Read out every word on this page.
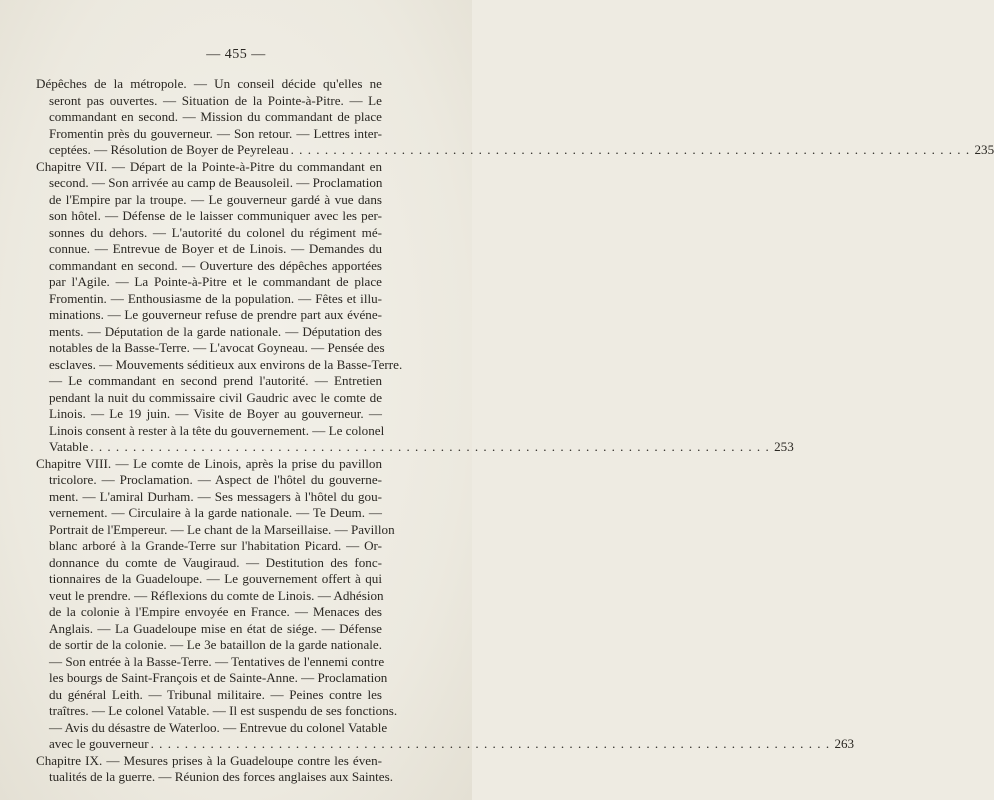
— 455 —
Dépêches de la métropole. — Un conseil décide qu'elles ne
seront pas ouvertes. — Situation de la Pointe-à-Pitre. — Le
commandant en second. — Mission du commandant de place
Fromentin près du gouverneur. — Son retour. — Lettres inter-
ceptées. — Résolution de Boyer de Peyreleau . . . . . . . . . . . . . . . . . . . . . . . . . . . . . . . . . . . . . . . . . . . . . . . . . . . . . . . . . . . . . . . . . . . . . . . . . . . . . . . . 235
Chapitre VII. — Départ de la Pointe-à-Pitre du commandant en
second. — Son arrivée au camp de Beausoleil. — Proclamation
de l'Empire par la troupe. — Le gouverneur gardé à vue dans
son hôtel. — Défense de le laisser communiquer avec les per-
sonnes du dehors. — L'autorité du colonel du régiment mé-
connue. — Entrevue de Boyer et de Linois. — Demandes du
commandant en second. — Ouverture des dépêches apportées
par l'Agile. — La Pointe-à-Pitre et le commandant de place
Fromentin. — Enthousiasme de la population. — Fêtes et illu-
minations. — Le gouverneur refuse de prendre part aux événe-
ments. — Députation de la garde nationale. — Députation des
notables de la Basse-Terre. — L'avocat Goyneau. — Pensée des
esclaves. — Mouvements séditieux aux environs de la Basse-Terre.
— Le commandant en second prend l'autorité. — Entretien
pendant la nuit du commissaire civil Gaudric avec le comte de
Linois. — Le 19 juin. — Visite de Boyer au gouverneur. —
Linois consent à rester à la tête du gouvernement. — Le colonel
Vatable . . . . . . . . . . . . . . . . . . . . . . . . . . . . . . . . . . . . . . . . . . . . . . . . . . . . . . . . . . . . . . . . . . . . . . . . . . . . . . . . 253
Chapitre VIII. — Le comte de Linois, après la prise du pavillon
tricolore. — Proclamation. — Aspect de l'hôtel du gouverne-
ment. — L'amiral Durham. — Ses messagers à l'hôtel du gou-
vernement. — Circulaire à la garde nationale. — Te Deum. —
Portrait de l'Empereur. — Le chant de la Marseillaise. — Pavillon
blanc arboré à la Grande-Terre sur l'habitation Picard. — Or-
donnance du comte de Vaugiraud. — Destitution des fonc-
tionnaires de la Guadeloupe. — Le gouvernement offert à qui
veut le prendre. — Réflexions du comte de Linois. — Adhésion
de la colonie à l'Empire envoyée en France. — Menaces des
Anglais. — La Guadeloupe mise en état de siége. — Défense
de sortir de la colonie. — Le 3e bataillon de la garde nationale.
— Son entrée à la Basse-Terre. — Tentatives de l'ennemi contre
les bourgs de Saint-François et de Sainte-Anne. — Proclamation
du général Leith. — Tribunal militaire. — Peines contre les
traîtres. — Le colonel Vatable. — Il est suspendu de ses fonctions.
— Avis du désastre de Waterloo. — Entrevue du colonel Vatable
avec le gouverneur . . . . . . . . . . . . . . . . . . . . . . . . . . . . . . . . . . . . . . . . . . . . . . . . . . . . . . . . . . . . . . . . . . . . . . . . . . . . . . . . 263
Chapitre IX. — Mesures prises à la Guadeloupe contre les éven-
tualités de la guerre. — Réunion des forces anglaises aux Saintes.
